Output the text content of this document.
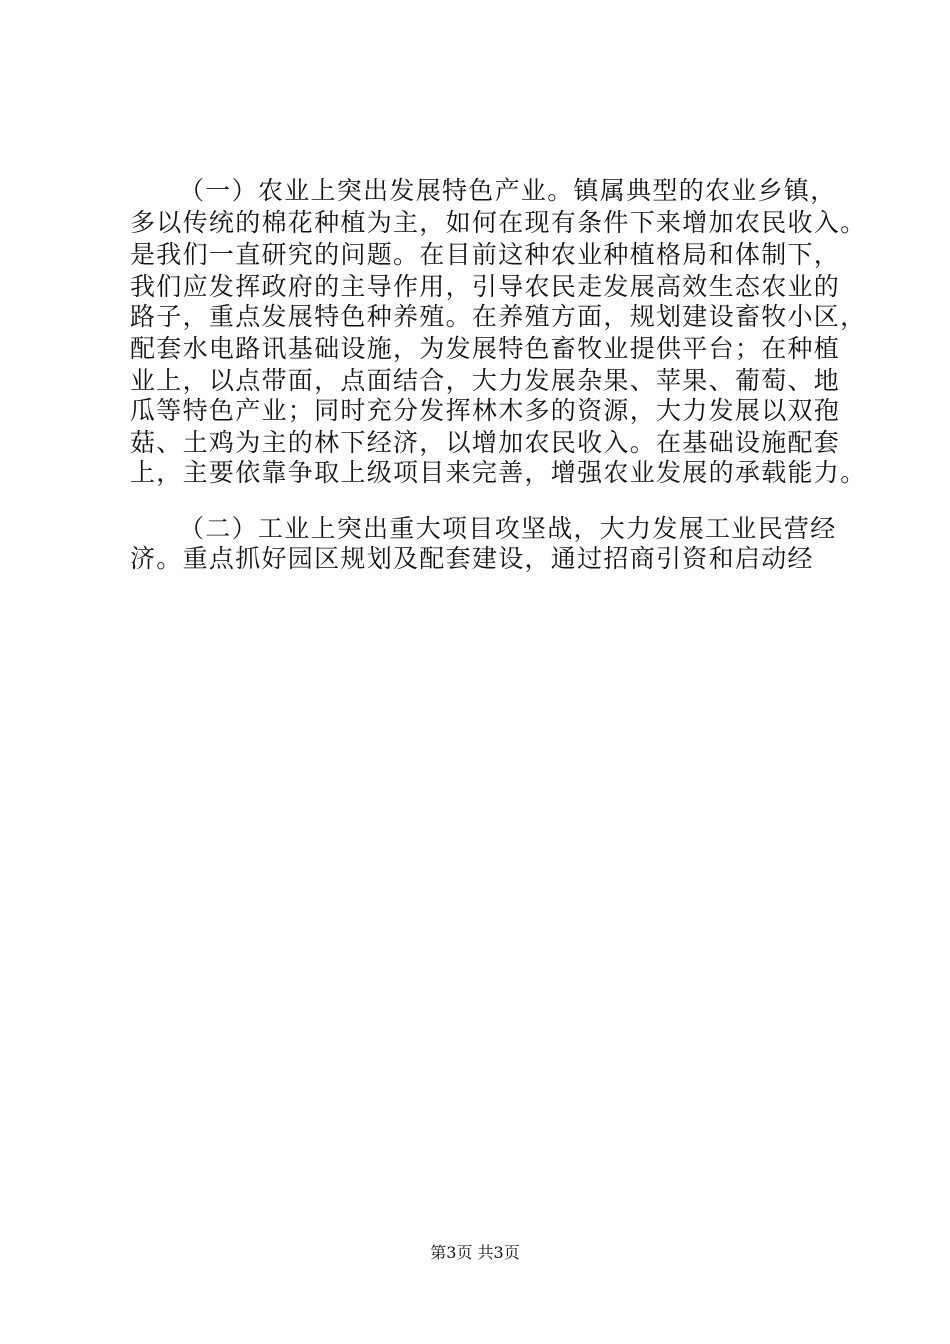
（一）农业上突出发展特色产业。镇属典型的农业乡镇，
多以传统的棉花种植为主，如何在现有条件下来增加农民收入。
是我们一直研究的问题。在目前这种农业种植格局和体制下，
我们应发挥政府的主导作用，引导农民走发展高效生态农业的
路子，重点发展特色种养殖。在养殖方面，规划建设畜牧小区，
配套水电路讯基础设施，为发展特色畜牧业提供平台；在种植
业上，以点带面，点面结合，大力发展杂果、苹果、葡萄、地
瓜等特色产业；同时充分发挥林木多的资源，大力发展以双孢
菇、土鸡为主的林下经济，以增加农民收入。在基础设施配套
上，主要依靠争取上级项目来完善，增强农业发展的承载能力。
（二）工业上突出重大项目攻坚战，大力发展工业民营经
济。重点抓好园区规划及配套建设，通过招商引资和启动经
第3页 共3页
